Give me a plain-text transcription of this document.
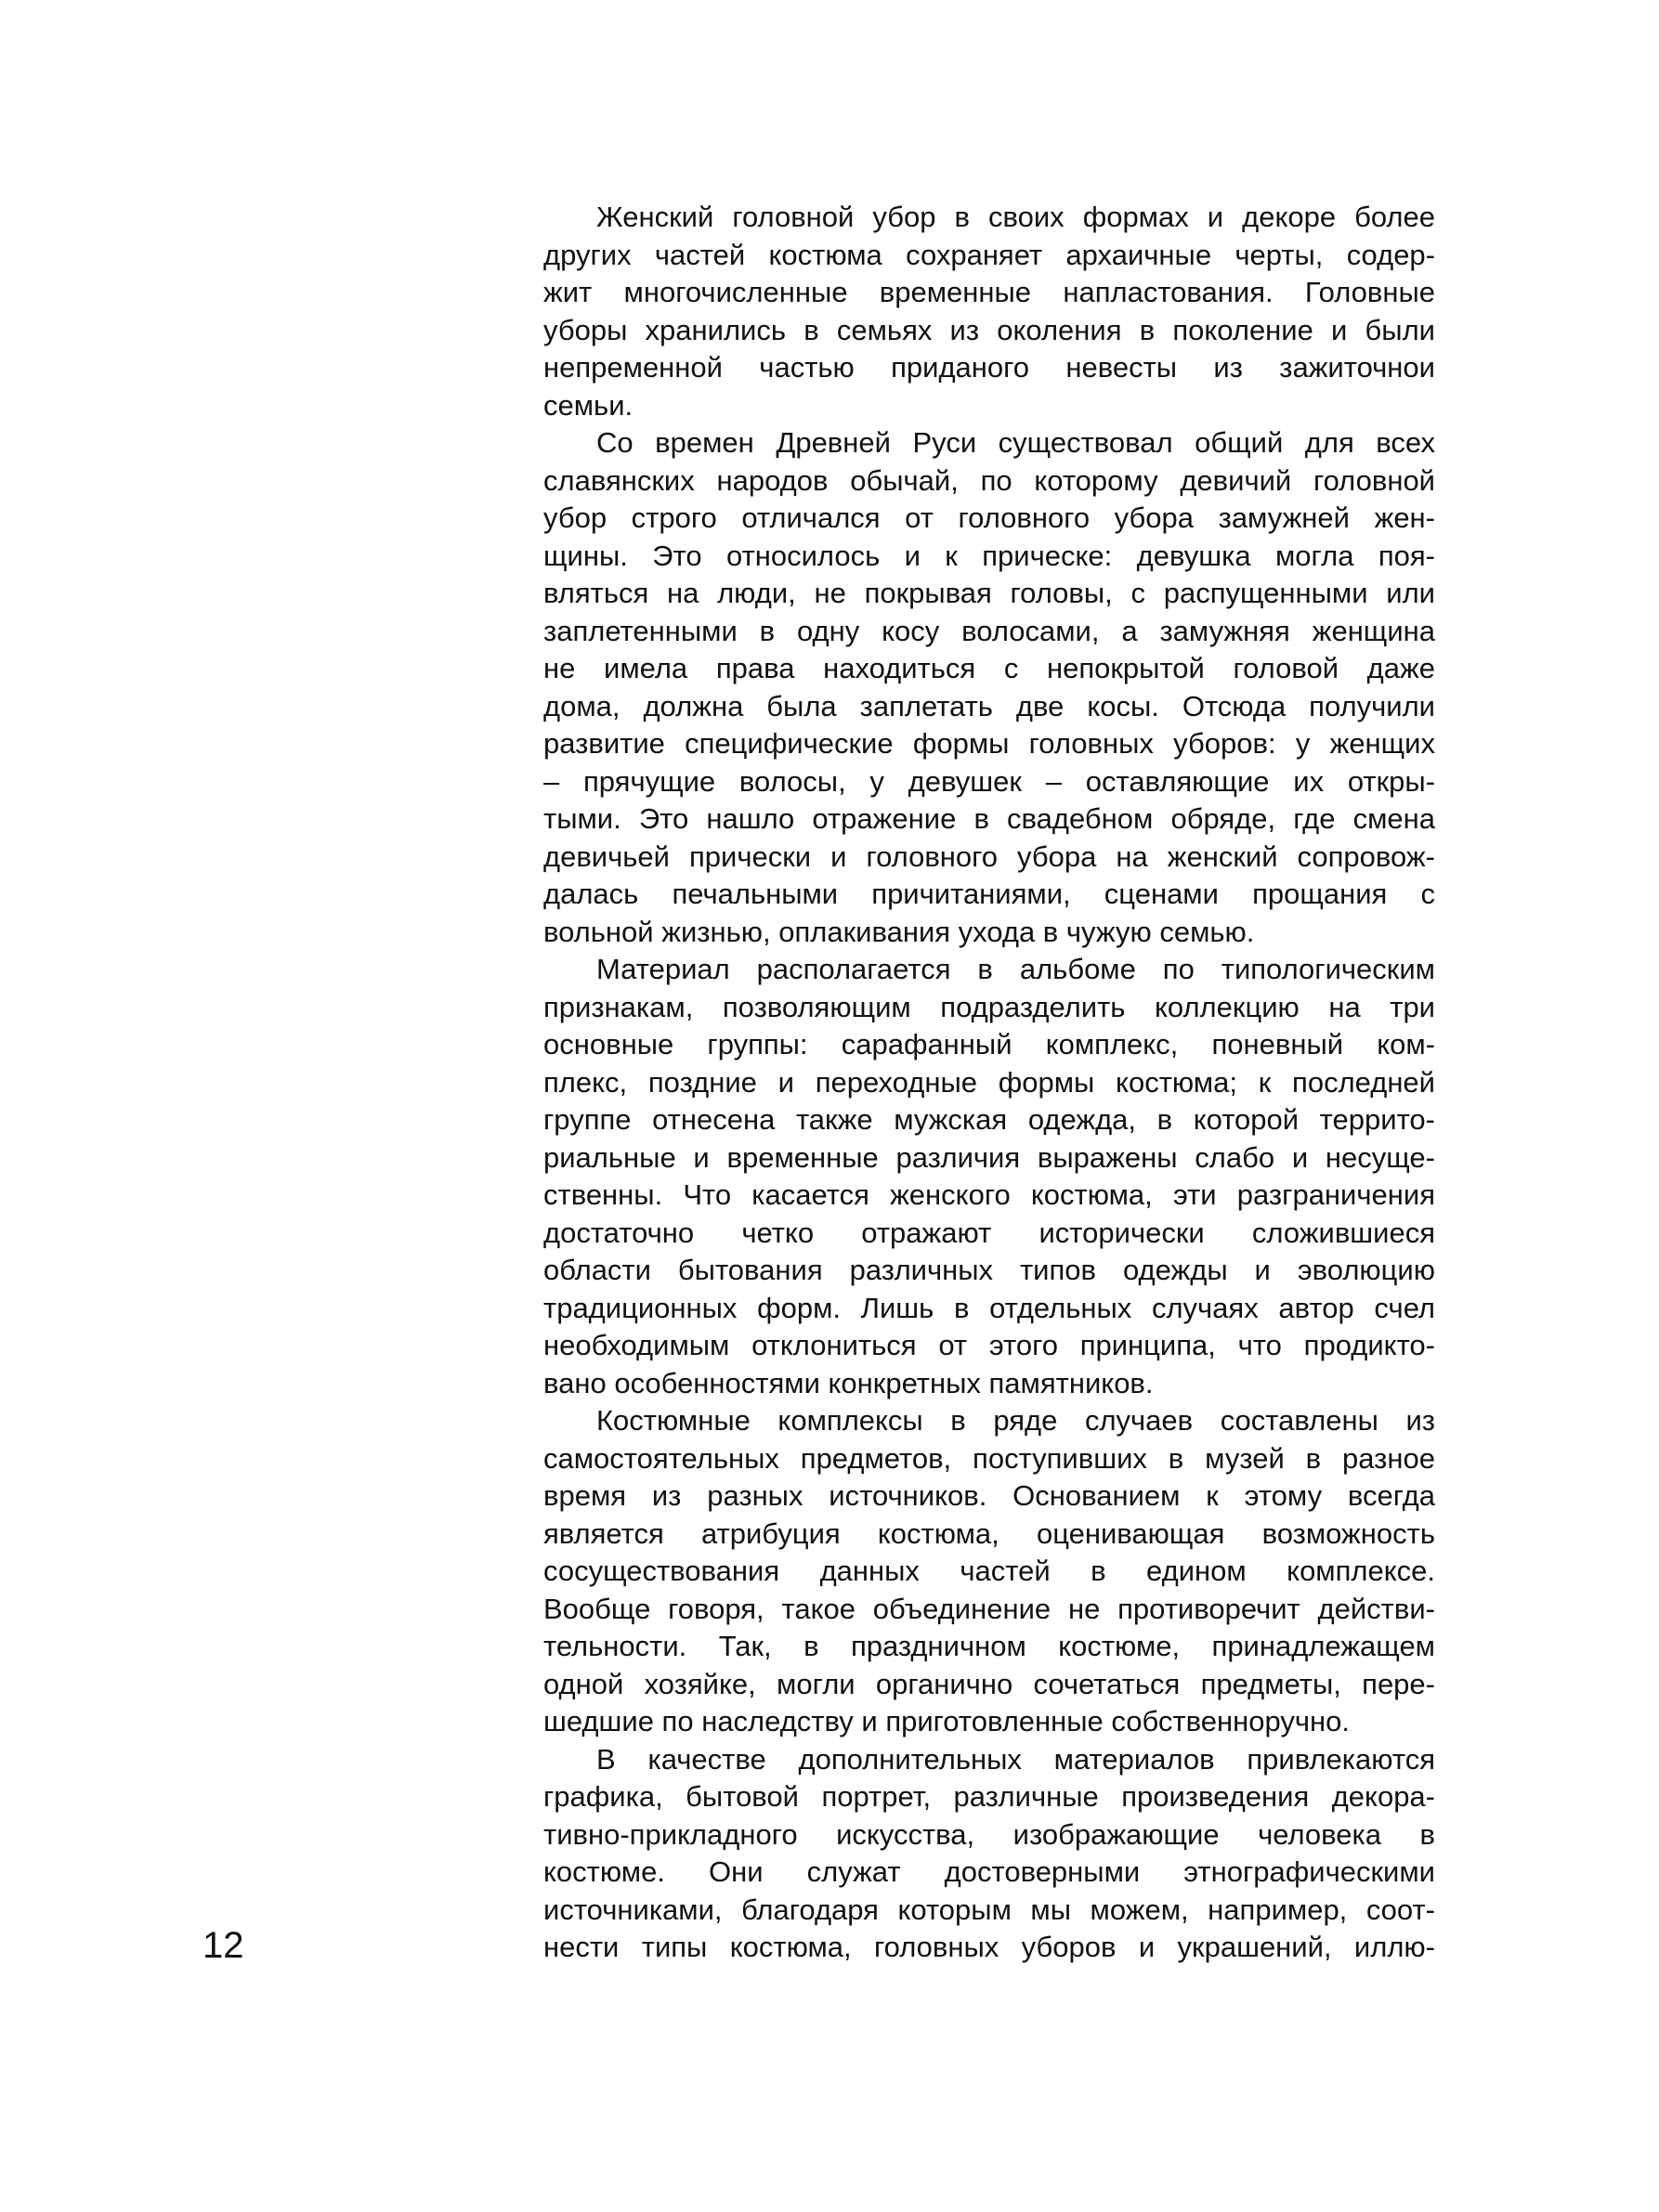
Женский головной убор в своих формах и декоре более
других частей костюма сохраняет архаичные черты, содер-
жит многочисленные временные напластования. Головные
уборы хранились в семьях из околения в поколение и были
непременной частью приданого невесты из зажиточнои
семьи.
Со времен Древней Руси существовал общий для всех
славянских народов обычай, по которому девичий головной
убор строго отличался от головного убора замужней жен-
щины. Это относилось и к прическе: девушка могла поя-
вляться на люди, не покрывая головы, с распущенными или
заплетенными в одну косу волосами, а замужняя женщина
не имела права находиться с непокрытой головой даже
дома, должна была заплетать две косы. Отсюда получили
развитие специфические формы головных уборов: у женщих
– прячущие волосы, у девушек – оставляющие их откры-
тыми. Это нашло отражение в свадебном обряде, где смена
девичьей прически и головного убора на женский сопровож-
далась печальными причитаниями, сценами прощания с
вольной жизнью, оплакивания ухода в чужую семью.
Материал располагается в альбоме по типологическим
признакам, позволяющим подразделить коллекцию на три
основные группы: сарафанный комплекс, поневный ком-
плекс, поздние и переходные формы костюма; к последней
группе отнесена также мужская одежда, в которой террито-
риальные и временные различия выражены слабо и несуще-
ственны. Что касается женского костюма, эти разграничения
достаточно четко отражают исторически сложившиеся
области бытования различных типов одежды и эволюцию
традиционных форм. Лишь в отдельных случаях автор счел
необходимым отклониться от этого принципа, что продикто-
вано особенностями конкретных памятников.
Костюмные комплексы в ряде случаев составлены из
самостоятельных предметов, поступивших в музей в разное
время из разных источников. Основанием к этому всегда
является атрибуция костюма, оценивающая возможность
сосуществования данных частей в едином комплексе.
Вообще говоря, такое объединение не противоречит действи-
тельности. Так, в праздничном костюме, принадлежащем
одной хозяйке, могли органично сочетаться предметы, пере-
шедшие по наследству и приготовленные собственноручно.
В качестве дополнительных материалов привлекаются
графика, бытовой портрет, различные произведения декора-
тивно-прикладного искусства, изображающие человека в
костюме. Они служат достоверными этнографическими
источниками, благодаря которым мы можем, например, соот-
нести типы костюма, головных уборов и украшений, иллю-
12
